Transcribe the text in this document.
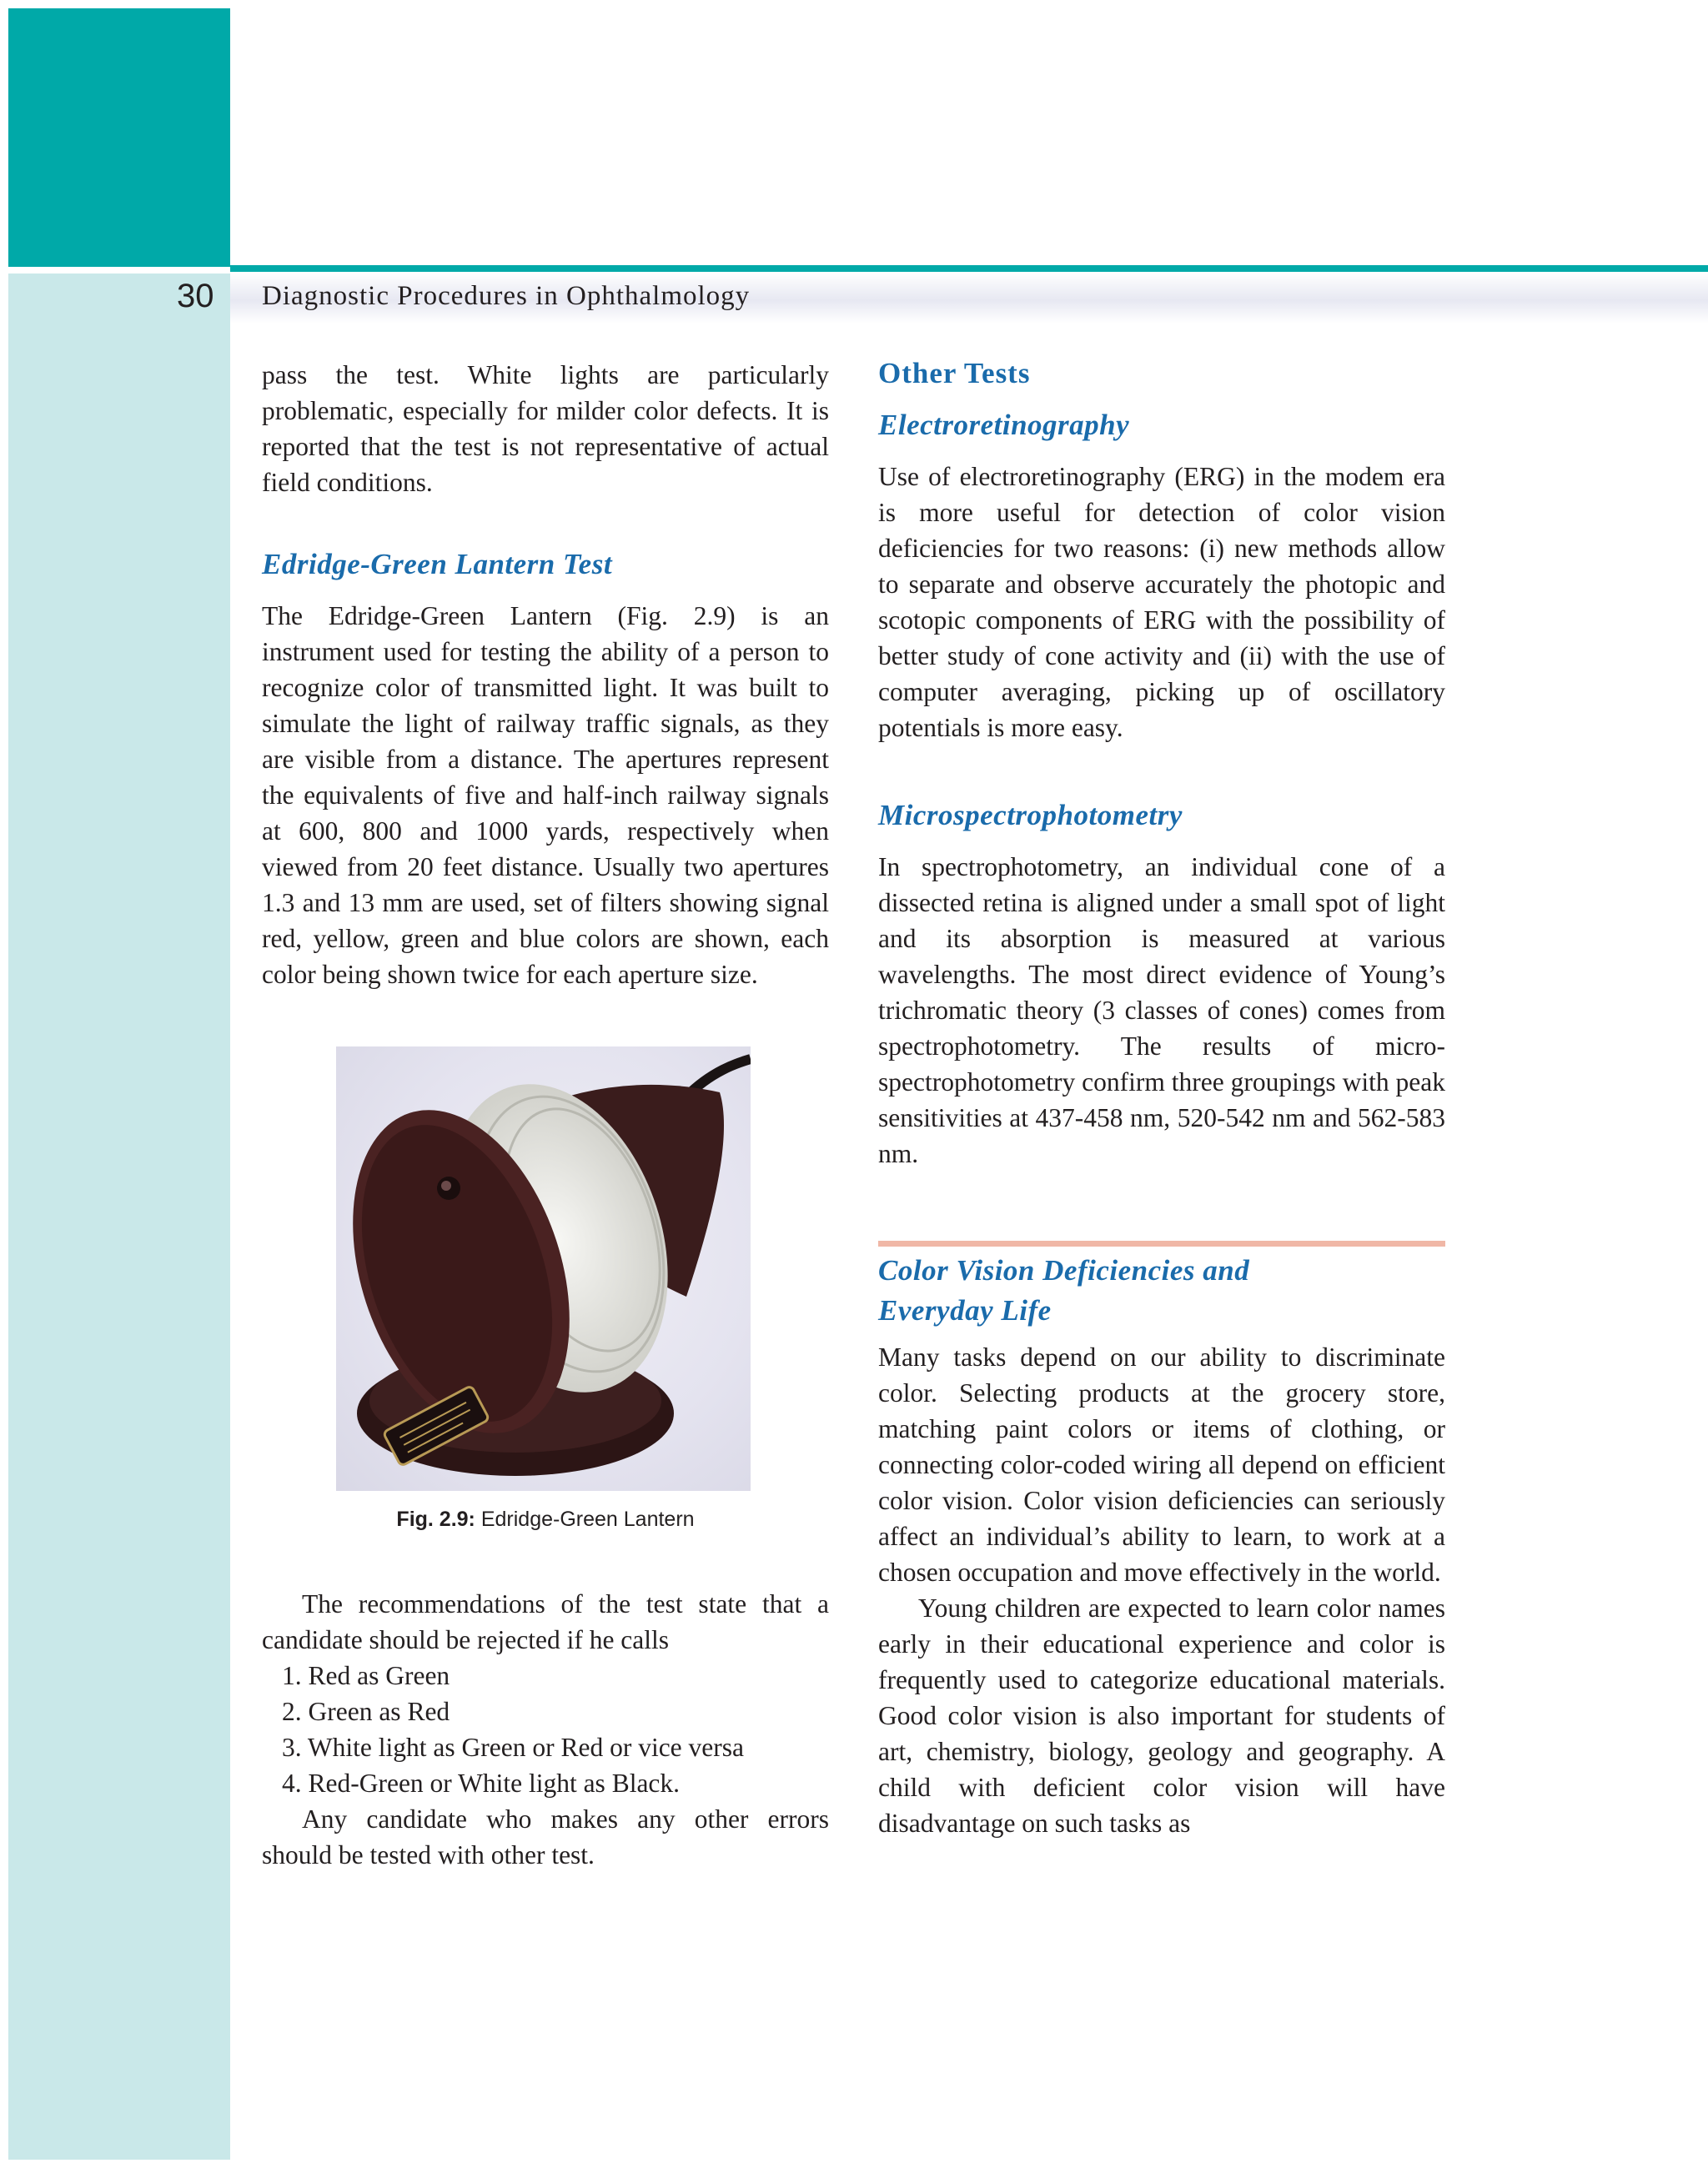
30 Diagnostic Procedures in Ophthalmology

pass the test. White lights are particularly problematic, especially for milder color defects. It is reported that the test is not representative of actual field conditions.

Edridge-Green Lantern Test

The Edridge-Green Lantern (Fig. 2.9) is an instrument used for testing the ability of a person to recognize color of transmitted light. It was built to simulate the light of railway traffic signals, as they are visible from a distance. The apertures represent the equivalents of five and half-inch railway signals at 600, 800 and 1000 yards, respectively when viewed from 20 feet distance. Usually two apertures 1.3 and 13 mm are used, set of filters showing signal red, yellow, green and blue colors are shown, each color being shown twice for each aperture size.

Fig. 2.9: Edridge-Green Lantern

The recommendations of the test state that a candidate should be rejected if he calls

1. Red as Green
2. Green as Red
3. White light as Green or Red or vice versa
4. Red-Green or White light as Black.

Any candidate who makes any other errors should be tested with other test.

Other Tests
Electroretinography

Use of electroretinography (ERG) in the modem era is more useful for detection of color vision deficiencies for two reasons: (i) new methods allow to separate and observe accurately the photopic and scotopic components of ERG with the possibility of better study of cone activity and (ii) with the use of computer averaging, picking up of oscillatory potentials is more easy.

Microspectrophotometry

In spectrophotometry, an individual cone of a dissected retina is aligned under a small spot of light and its absorption is measured at various wavelengths. The most direct evidence of Young’s trichromatic theory (3 classes of cones) comes from spectrophotometry. The results of micro-spectrophotometry confirm three groupings with peak sensitivities at 437-458 nm, 520-542 nm and 562-583 nm.

Color Vision Deficiencies and
Everyday Life

Many tasks depend on our ability to discriminate color. Selecting products at the grocery store, matching paint colors or items of clothing, or connecting color-coded wiring all depend on efficient color vision. Color vision deficiencies can seriously affect an individual’s ability to learn, to work at a chosen occupation and move effectively in the world.

Young children are expected to learn color names early in their educational experience and color is frequently used to categorize educational materials. Good color vision is also important for students of art, chemistry, biology, geology and geography. A child with deficient color vision will have disadvantage on such tasks as
